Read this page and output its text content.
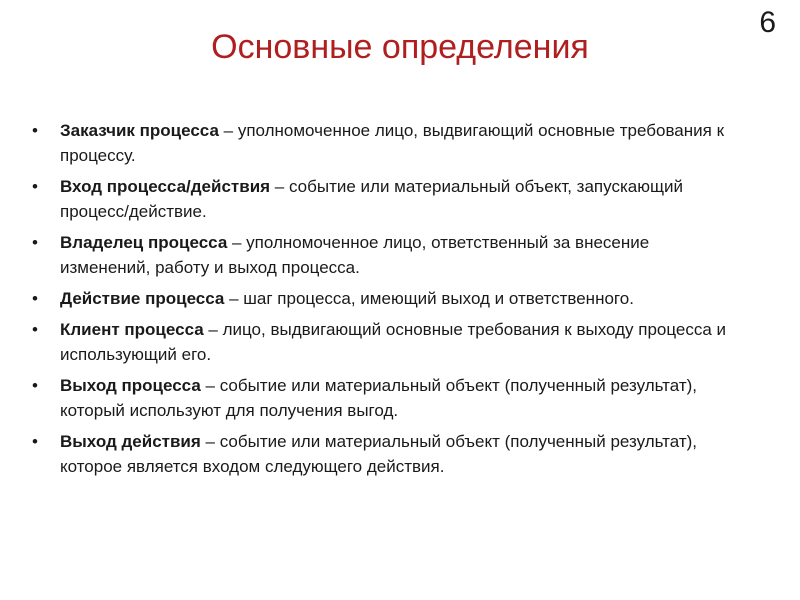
6
Основные определения
• Заказчик процесса – уполномоченное лицо, выдвигающий основные требования к процессу.
• Вход процесса/действия – событие или материальный объект, запускающий процесс/действие.
• Владелец процесса – уполномоченное лицо, ответственный за внесение изменений, работу и выход процесса.
• Действие процесса – шаг процесса, имеющий выход и ответственного.
• Клиент процесса – лицо, выдвигающий основные требования к выходу процесса и использующий его.
• Выход процесса – событие или материальный объект (полученный результат), который используют для получения выгод.
• Выход действия – событие или материальный объект (полученный результат), которое является входом следующего действия.
